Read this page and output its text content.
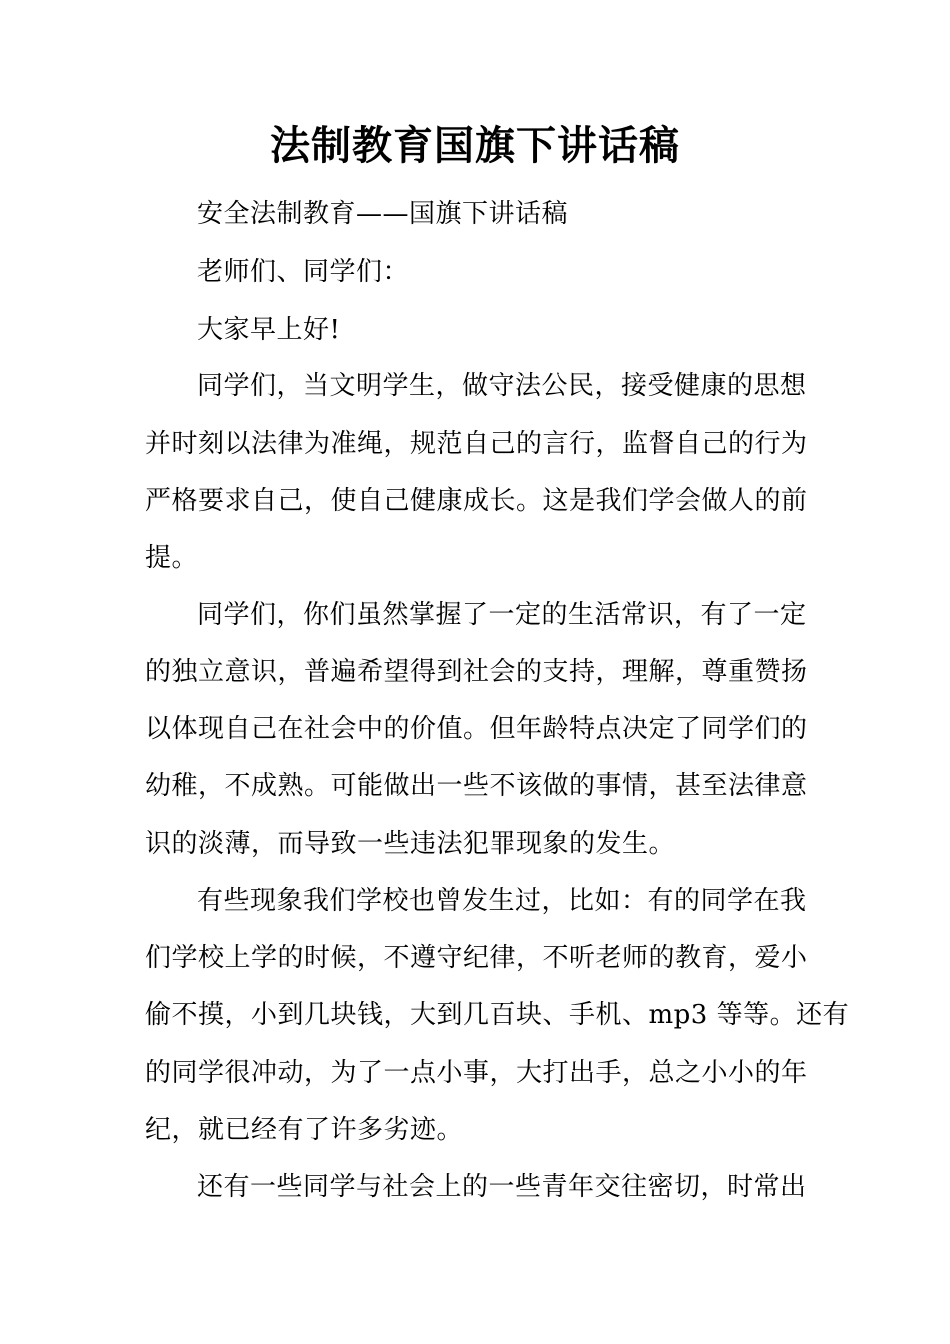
法制教育国旗下讲话稿
安全法制教育——国旗下讲话稿
老师们、同学们：
大家早上好!
同学们，当文明学生，做守法公民，接受健康的思想
并时刻以法律为准绳，规范自己的言行，监督自己的行为
严格要求自己，使自己健康成长。这是我们学会做人的前
提。
同学们，你们虽然掌握了一定的生活常识，有了一定
的独立意识，普遍希望得到社会的支持，理解，尊重赞扬
以体现自己在社会中的价值。但年龄特点决定了同学们的
幼稚，不成熟。可能做出一些不该做的事情，甚至法律意
识的淡薄，而导致一些违法犯罪现象的发生。
有些现象我们学校也曾发生过，比如：有的同学在我
们学校上学的时候，不遵守纪律，不听老师的教育，爱小
偷不摸，小到几块钱，大到几百块、手机、mp3 等等。还有
的同学很冲动，为了一点小事，大打出手，总之小小的年
纪，就已经有了许多劣迹。
还有一些同学与社会上的一些青年交往密切，时常出
